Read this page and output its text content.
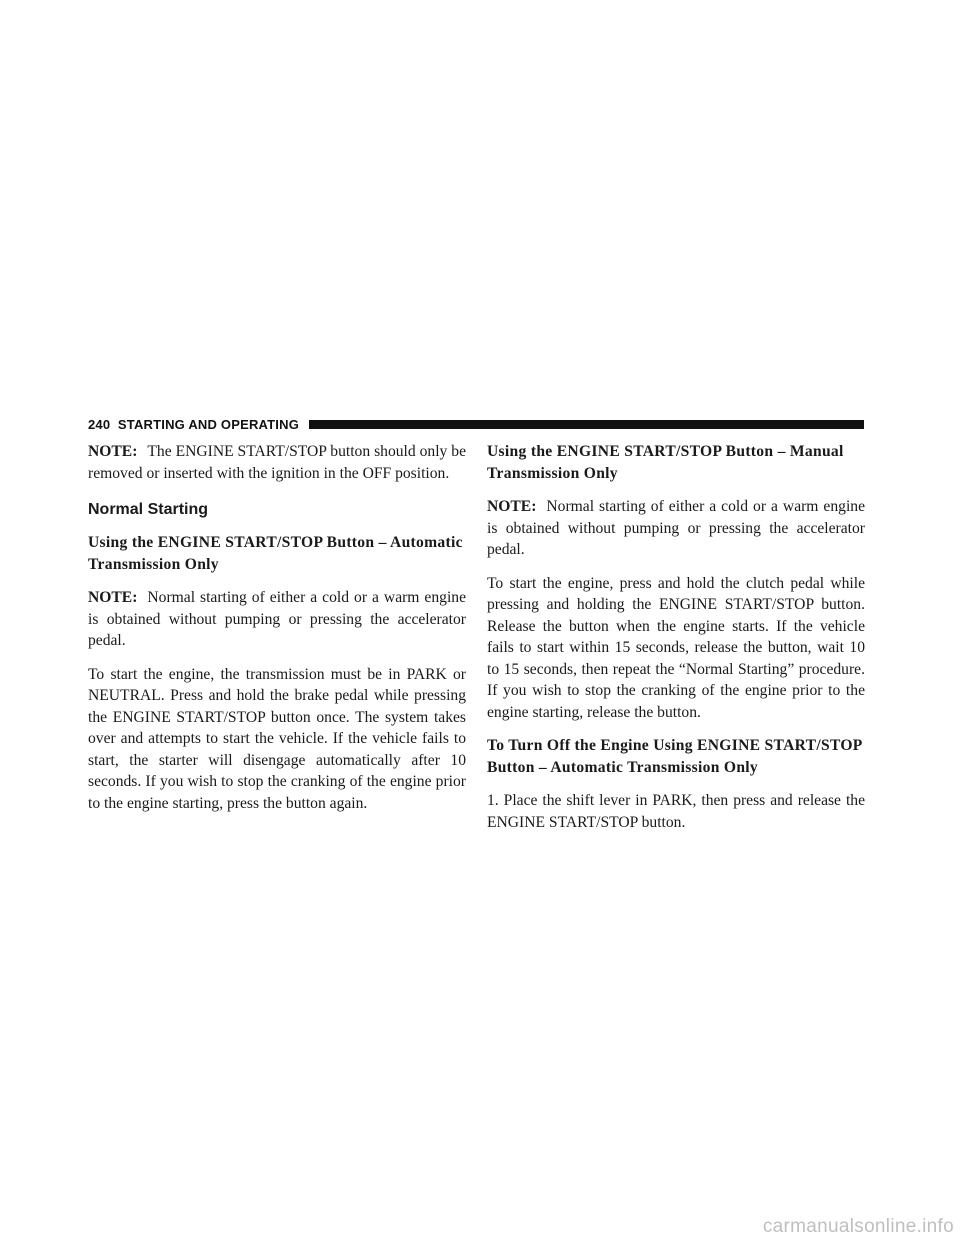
240 STARTING AND OPERATING

NOTE: The ENGINE START/STOP button should only be removed or inserted with the ignition in the OFF position.

Normal Starting
Using the ENGINE START/STOP Button – Automatic Transmission Only

NOTE: Normal starting of either a cold or a warm engine is obtained without pumping or pressing the accelerator pedal.

To start the engine, the transmission must be in PARK or NEUTRAL. Press and hold the brake pedal while pressing the ENGINE START/STOP button once. The system takes over and attempts to start the vehicle. If the vehicle fails to start, the starter will disengage automatically after 10 seconds. If you wish to stop the cranking of the engine prior to the engine starting, press the button again.

Using the ENGINE START/STOP Button – Manual Transmission Only

NOTE: Normal starting of either a cold or a warm engine is obtained without pumping or pressing the accelerator pedal.

To start the engine, press and hold the clutch pedal while pressing and holding the ENGINE START/STOP button. Release the button when the engine starts. If the vehicle fails to start within 15 seconds, release the button, wait 10 to 15 seconds, then repeat the “Normal Starting” procedure. If you wish to stop the cranking of the engine prior to the engine starting, release the button.

To Turn Off the Engine Using ENGINE START/STOP Button – Automatic Transmission Only

1. Place the shift lever in PARK, then press and release the ENGINE START/STOP button.

carmanualsonline.info
